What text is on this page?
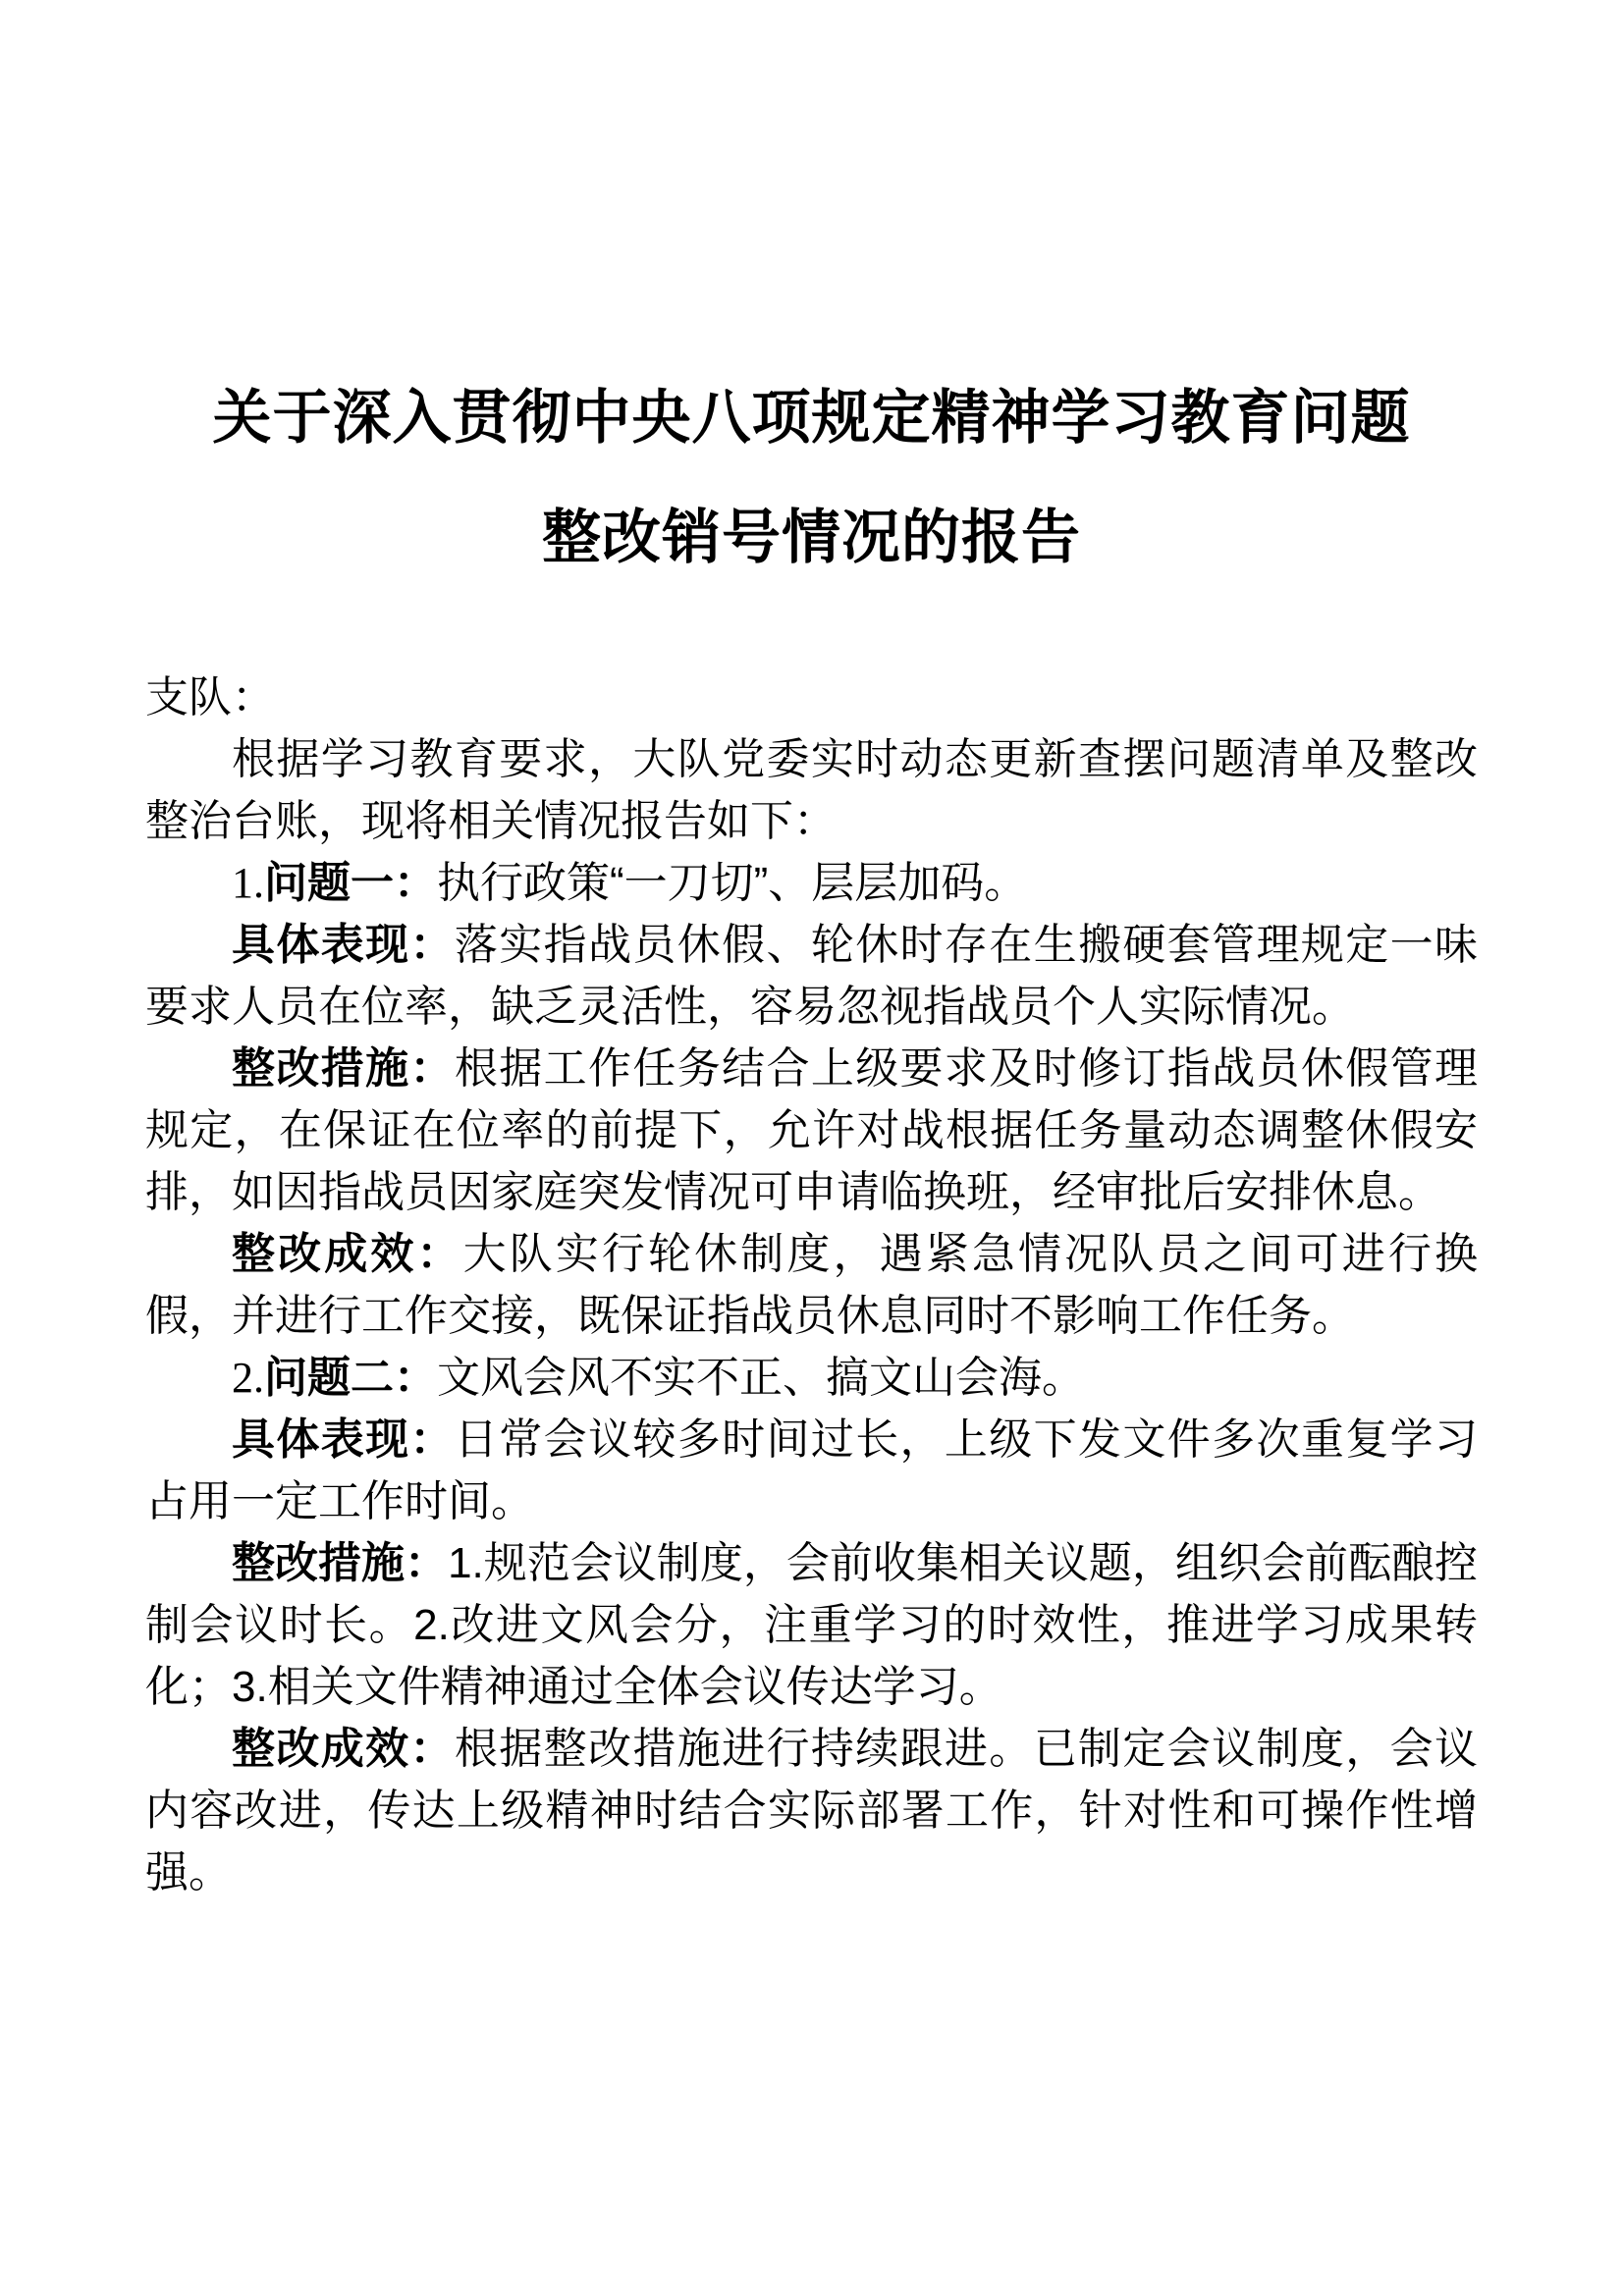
关于深入贯彻中央八项规定精神学习教育问题
整改销号情况的报告

支队：

根据学习教育要求，大队党委实时动态更新查摆问题清单及整改整治台账，现将相关情况报告如下：

1.问题一：执行政策“一刀切”、层层加码。

具体表现：落实指战员休假、轮休时存在生搬硬套管理规定一味要求人员在位率，缺乏灵活性，容易忽视指战员个人实际情况。

整改措施：根据工作任务结合上级要求及时修订指战员休假管理规定，在保证在位率的前提下，允许对战根据任务量动态调整休假安排，如因指战员因家庭突发情况可申请临换班，经审批后安排休息。

整改成效：大队实行轮休制度，遇紧急情况队员之间可进行换假，并进行工作交接，既保证指战员休息同时不影响工作任务。

2.问题二：文风会风不实不正、搞文山会海。

具体表现：日常会议较多时间过长，上级下发文件多次重复学习占用一定工作时间。

整改措施：1.规范会议制度，会前收集相关议题，组织会前酝酿控制会议时长。2.改进文风会分，注重学习的时效性，推进学习成果转化；3.相关文件精神通过全体会议传达学习。

整改成效：根据整改措施进行持续跟进。已制定会议制度，会议内容改进，传达上级精神时结合实际部署工作，针对性和可操作性增强。
